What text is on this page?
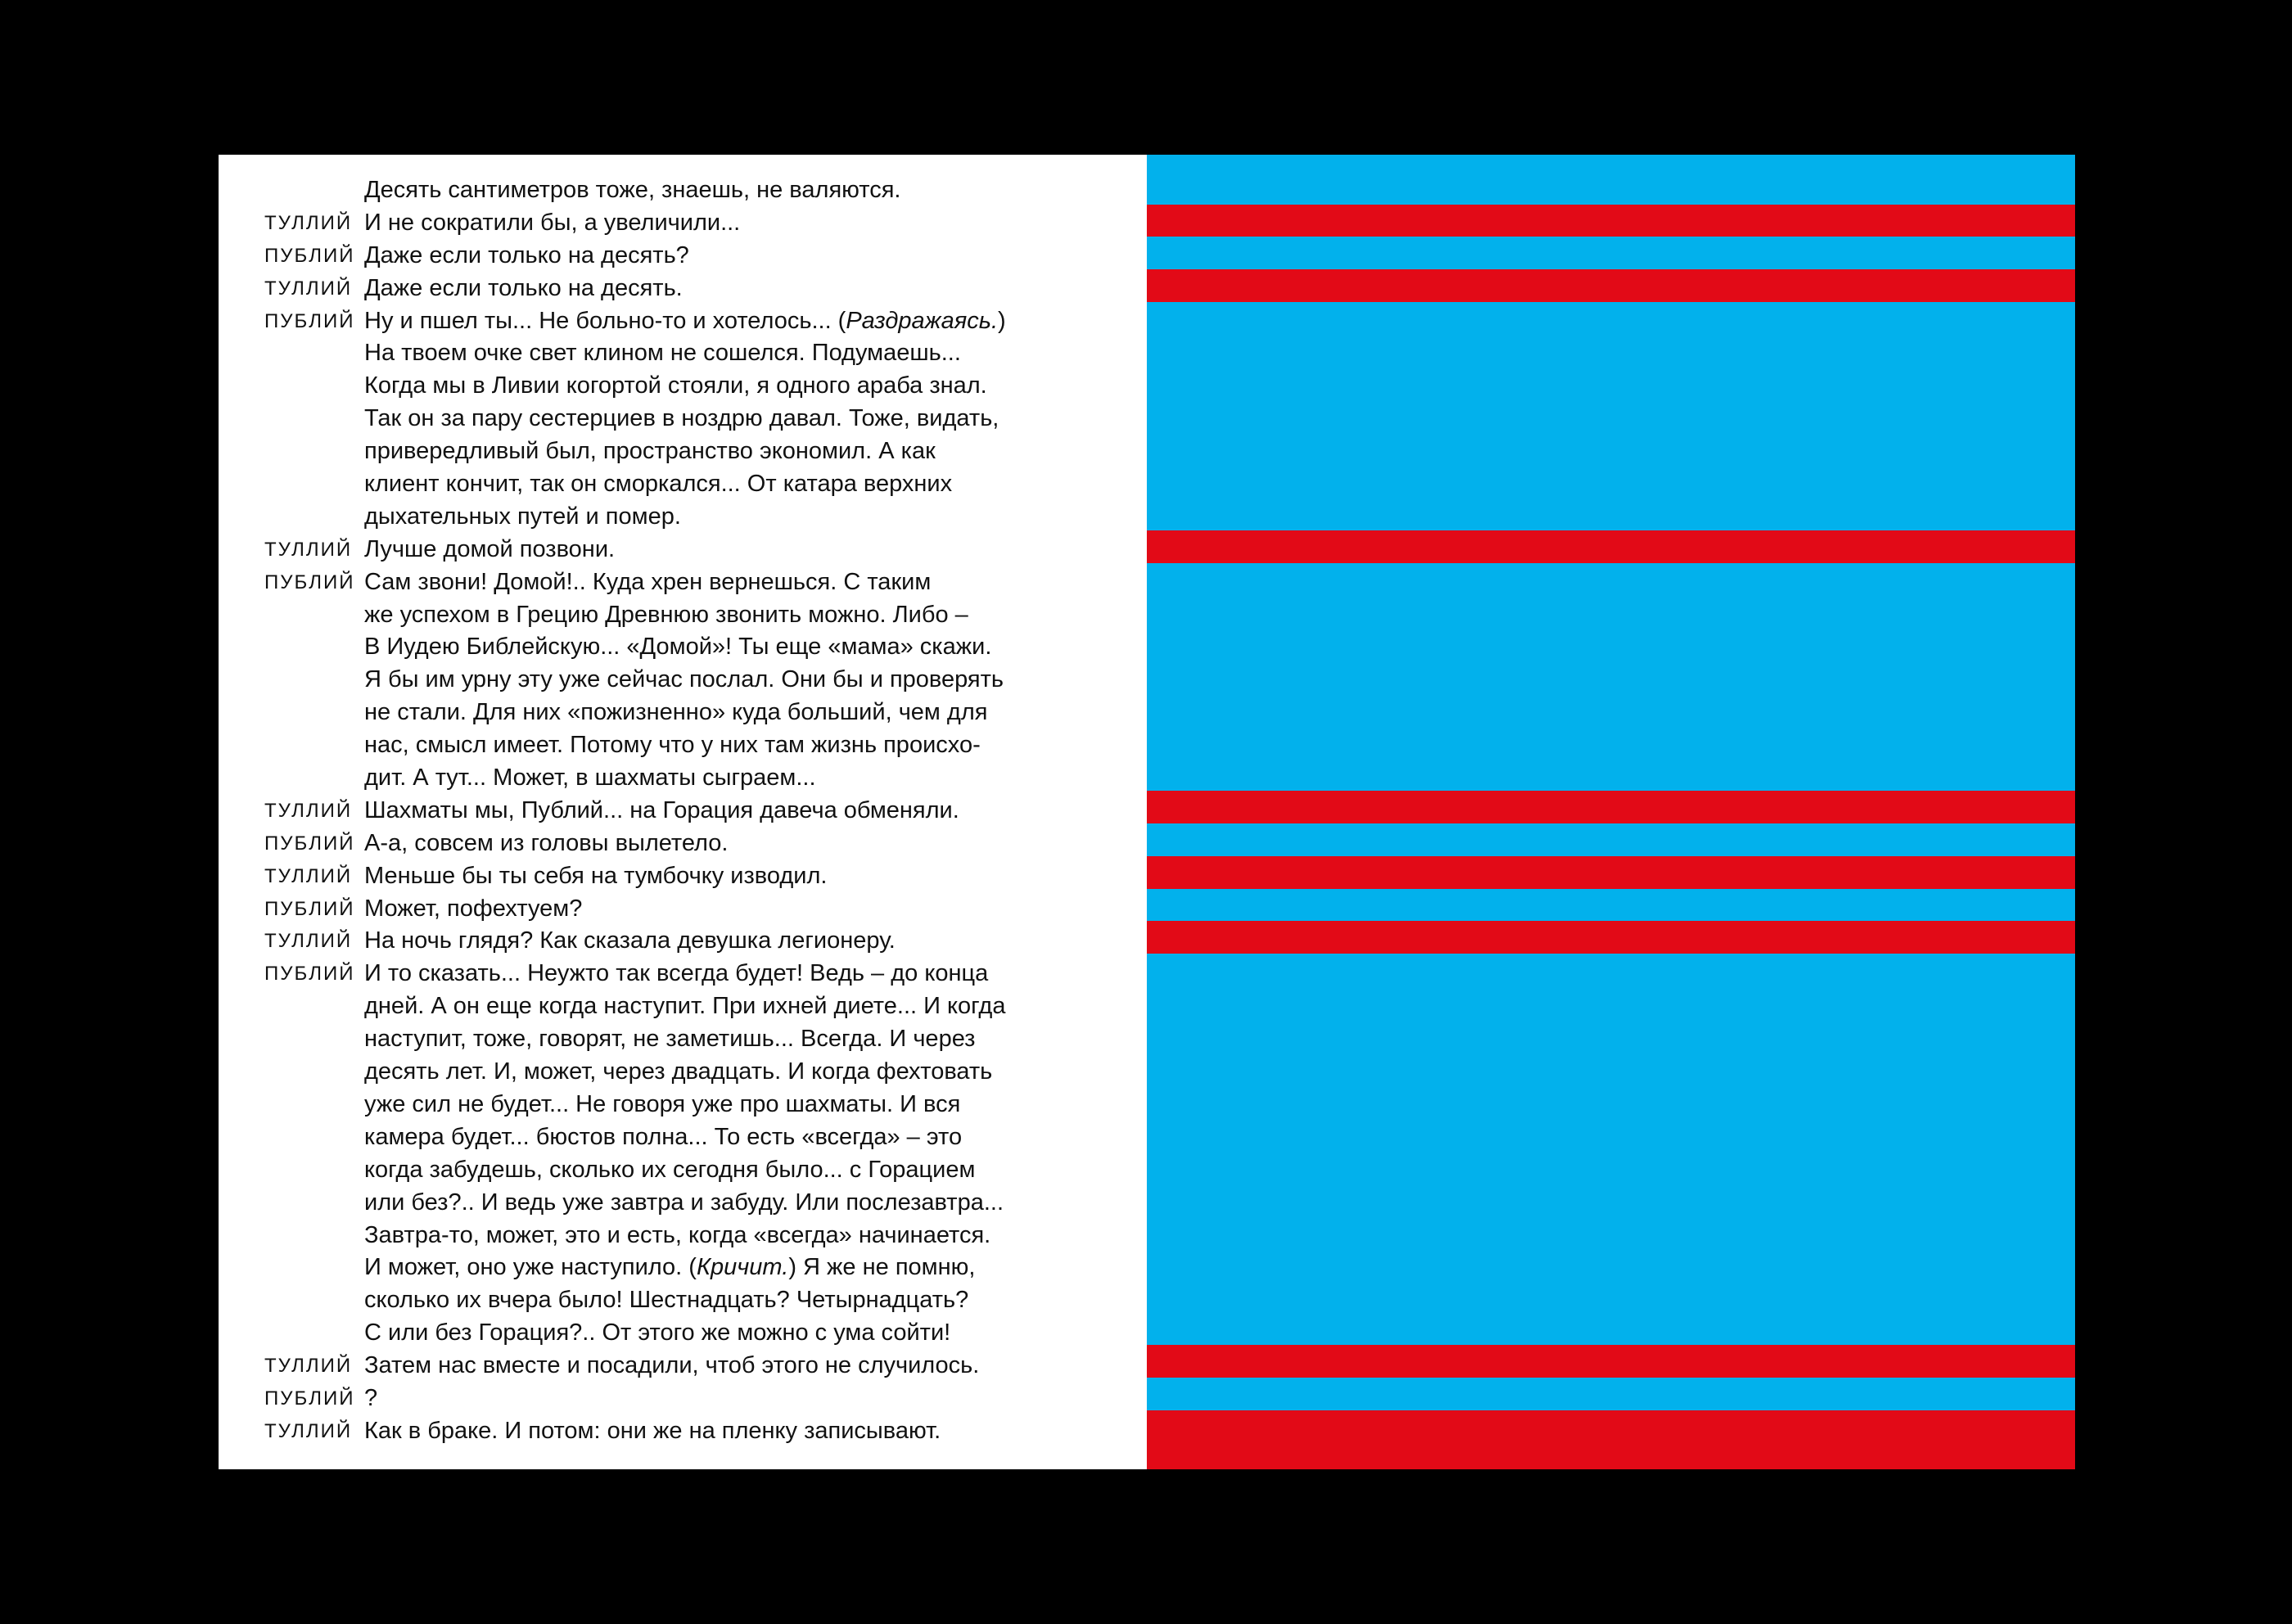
Десять сантиметров тоже, знаешь, не валяются.
ТУЛЛИЙ И не сократили бы, а увеличили...
ПУБЛИЙ Даже если только на десять?
ТУЛЛИЙ Даже если только на десять.
ПУБЛИЙ Ну и пшел ты... Не больно-то и хотелось... (Раздражаясь.)
На твоем очке свет клином не сошелся. Подумаешь...
Когда мы в Ливии когортой стояли, я одного араба знал.
Так он за пару сестерциев в ноздрю давал. Тоже, видать,
привередливый был, пространство экономил. А как
клиент кончит, так он сморкался... От катара верхних
дыхательных путей и помер.
ТУЛЛИЙ Лучше домой позвони.
ПУБЛИЙ Сам звони! Домой!.. Куда хрен вернешься. С таким
же успехом в Грецию Древнюю звонить можно. Либо –
В Иудею Библейскую... «Домой»! Ты еще «мама» скажи.
Я бы им урну эту уже сейчас послал. Они бы и проверять
не стали. Для них «пожизненно» куда больший, чем для
нас, смысл имеет. Потому что у них там жизнь происхо-
дит. А тут... Может, в шахматы сыграем...
ТУЛЛИЙ Шахматы мы, Публий... на Горация давеча обменяли.
ПУБЛИЙ А-а, совсем из головы вылетело.
ТУЛЛИЙ Меньше бы ты себя на тумбочку изводил.
ПУБЛИЙ Может, пофехтуем?
ТУЛЛИЙ На ночь глядя? Как сказала девушка легионеру.
ПУБЛИЙ И то сказать... Неужто так всегда будет! Ведь – до конца
дней. А он еще когда наступит. При ихней диете... И когда
наступит, тоже, говорят, не заметишь... Всегда. И через
десять лет. И, может, через двадцать. И когда фехтовать
уже сил не будет... Не говоря уже про шахматы. И вся
камера будет... бюстов полна... То есть «всегда» – это
когда забудешь, сколько их сегодня было... с Горацием
или без?.. И ведь уже завтра и забуду. Или послезавтра...
Завтра-то, может, это и есть, когда «всегда» начинается.
И может, оно уже наступило. (Кричит.) Я же не помню,
сколько их вчера было! Шестнадцать? Четырнадцать?
С или без Горация?.. От этого же можно с ума сойти!
ТУЛЛИЙ Затем нас вместе и посадили, чтоб этого не случилось.
ПУБЛИЙ ?
ТУЛЛИЙ Как в браке. И потом: они же на пленку записывают.
